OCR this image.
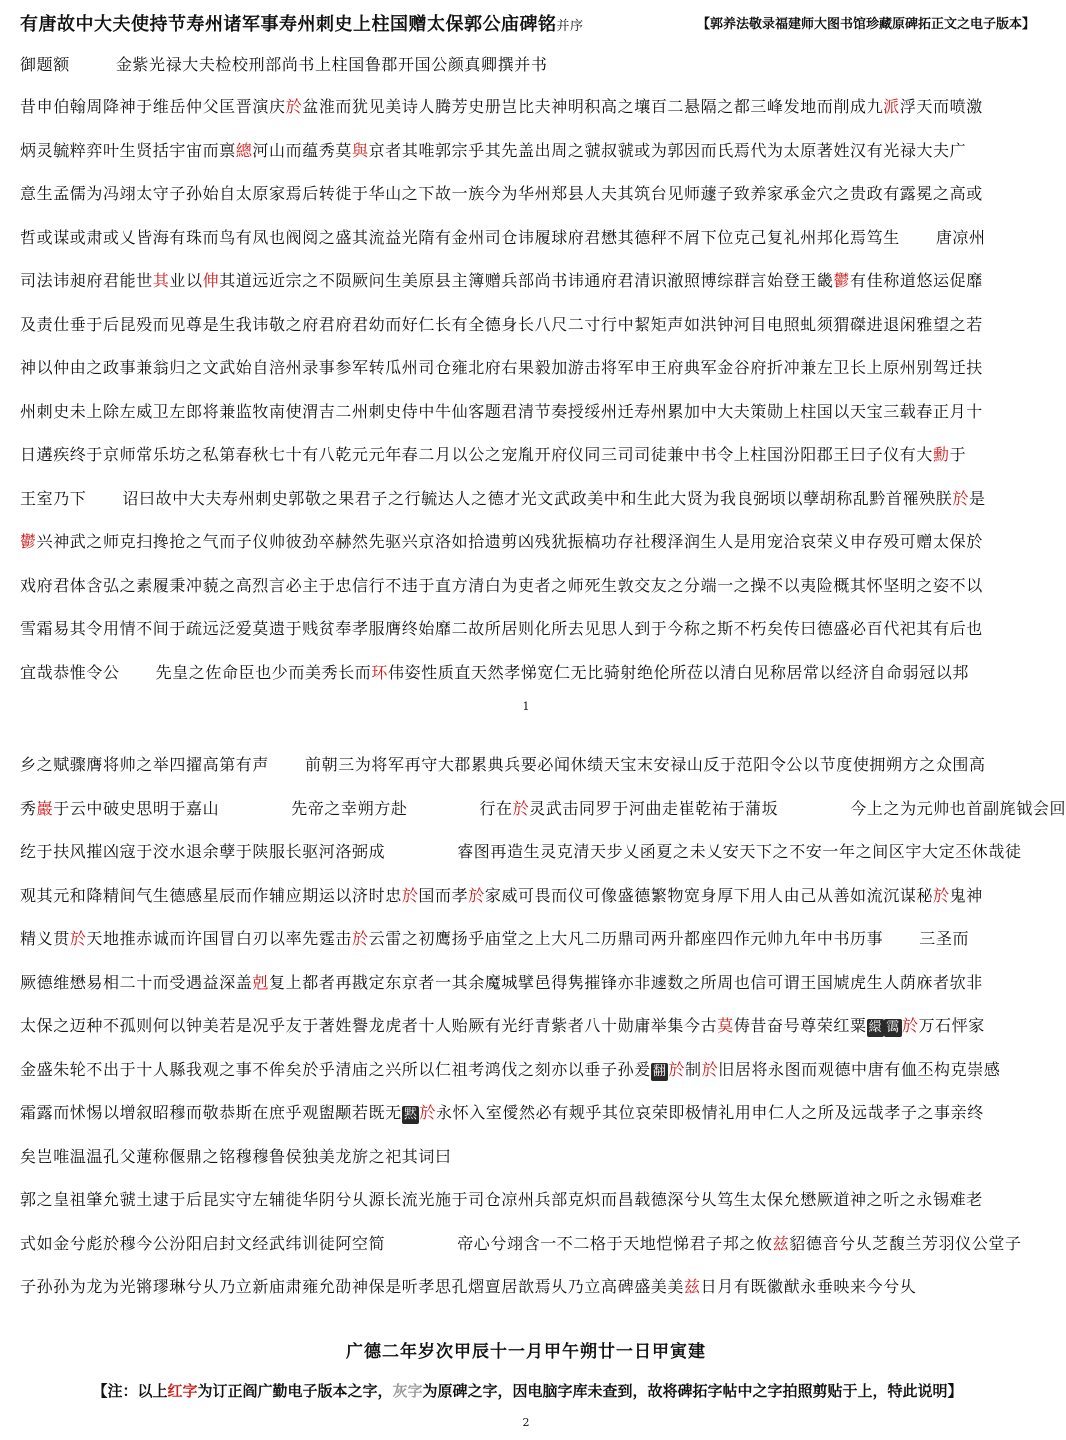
有唐故中大夫使持节寿州诸军事寿州刺史上柱国赠太保郭公庙碑铭并序	【郭养法敬录福建师大图书馆珍藏原碑拓正文之电子版本】
御题额	金紫光禄大夫检校刑部尚书上柱国鲁郡开国公颜真卿撰并书
昔申伯翰周降神于维岳仲父匡晋演庆於盆淮而犹见美诗人腾芳史册岂比夫神明积高之壤百二悬隔之都三峰发地而削成九派浮天而喷激
炳灵毓粹弈叶生贤括宇宙而禀總河山而蕴秀莫與京者其唯郭宗乎其先盖出周之虢叔虢或为郭因而氏焉代为太原著姓汉有光禄大夫广
意生孟儒为冯翊太守子孙始自太原家焉后转徙于华山之下故一族今为华州郑县人夫其筑台见师蘧子致养家承金穴之贵政有露冕之高或
哲或谋或肃或乂皆海有珠而鸟有凤也阀阅之盛其流益光隋有金州司仓讳履球府君懋其德秤不屑下位克己复礼州邦化焉笃生 唐凉州
司法讳昶府君能世其业以伸其道远近宗之不陨厥问生美原县主簿赠兵部尚书讳通府君清识澈照博综群言始登王畿鬱有佳称道悠运促靡
及责仕垂于后昆殁而见尊是生我讳敬之府君府君幼而好仁长有全德身长八尺二寸行中絜矩声如洪钟河目电照虬须猬磔进退闲雅望之若
神以仲由之政事兼翁归之文武始自涪州录事参军转瓜州司仓雍北府右果毅加游击将军申王府典军金谷府折冲兼左卫长上原州别驾迁扶
州刺史未上除左威卫左郎将兼监牧南使渭吉二州刺史侍中牛仙客题君清节奏授绥州迁寿州累加中大夫策勋上柱国以天宝三载春正月十
日遘疾终于京师常乐坊之私第春秋七十有八乾元元年春二月以公之宠胤开府仪同三司司徒兼中书令上柱国汾阳郡王曰子仪有大勳于
王室乃下 诏曰故中大夫寿州刺史郭敬之果君子之行毓达人之德才光文武政美中和生此大贤为我良弼顷以孽胡称乱黔首罹殃朕於是
鬱兴神武之师克扫搀抢之气而子仪帅彼劲卒赫然先驱兴京洛如拾遗剪凶残犹振槁功存社稷泽润生人是用宠洽哀荣义申存殁可赠太保於
戏府君体含弘之素履秉冲藐之高烈言必主于忠信行不违于直方清白为吏者之师死生敦交友之分端一之操不以夷险概其怀坚明之姿不以
雪霜易其令用情不间于疏远泛爱莫遗于贱贫奉孝服膺终始靡二故所居则化所去见思人到于今称之斯不朽矣传曰德盛必百代祀其有后也
宜哉恭惟令公 先皇之佐命臣也少而美秀长而环伟姿性质直天然孝悌宽仁无比骑射绝伦所莅以清白见称居常以经济自命弱冠以邦
1
乡之赋骤膺将帅之举四擢高第有声 前朝三为将军再守大郡累典兵要必闻休绩天宝末安禄山反于范阳令公以节度使拥朔方之众围高
秀巖于云中破史思明于嘉山	先帝之幸朔方赴	行在於灵武击同罗于河曲走崔乾祐于蒲坂	今上之为元帅也首副旄钺会回
纥于扶风摧凶寇于洨水退余孽于陕服长驱河洛弼成	睿图再造生灵克清天步乂函夏之未乂安天下之不安一年之间区宇大定丕休哉徒
观其元和降精间气生德感星辰而作辅应期运以济时忠於国而孝於家威可畏而仪可像盛德繁物宽身厚下用人由己从善如流沉谋秘於鬼神
精义贯於天地推赤诚而许国冒白刃以率先霆击於云雷之初鹰扬乎庙堂之上大凡二历鼎司两升都座四作元帅九年中书历事 三圣而
厥德维懋易相二十而受遇益深盖剋复上都者再戡定东京者一其余魔城擘邑得隽摧锋亦非遽数之所周也信可谓王国虓虎生人荫庥者欤非
太保之迈种不孤则何以钟美若是况乎友于著姓譽龙虎者十人贻厥有光纡青紫者八十勋庸举集今古莫俦昔奋号尊荣红粟 繯 霭 於万石怦家
金盛朱轮不出于十人縣我观之事不侔矣於乎清庙之兴所以仁祖考鸿伐之刻亦以垂子孙爰 翻 於制於旧居将永图而观德中唐有侐丕构克崇感
霜露而怵惕以增叙昭穆而敬恭斯在庶乎观盥颙若既无 黙 於永怀入室僾然必有觌乎其位哀荣即极情礼用申仁人之所及远哉孝子之事亲终
矣岂唯温温孔父蓮称偃鼎之铭穆穆鲁侯独美龙旂之祀其词曰
郭之皇祖肇允虢土逮于后昆实守左辅徙华阴兮乆源长流光施于司仓凉州兵部克炽而昌载德深兮乆笃生太保允懋厥道神之听之永锡难老
式如金兮彪於穆今公汾阳启封文经武纬训徒阿空简	帝心兮翊含一不二格于天地恺悌君子邦之攸兹貂德音兮乆芝馥兰芳羽仪公堂子
子孙孙为龙为光锵璆琳兮乆乃立新庙肃雍允劭神保是听孝思孔熠亶居歆焉乆乃立高碑盛美美兹日月有既徽猷永垂映来今兮乆
广德二年岁次甲辰十一月甲午朔廿一日甲寅建
【注：以上红字为订正阎广勤电子版本之字，灰字为原碑之字，因电脑字库未查到，故将碑拓字帖中之字拍照剪贴于上，特此说明】
2
